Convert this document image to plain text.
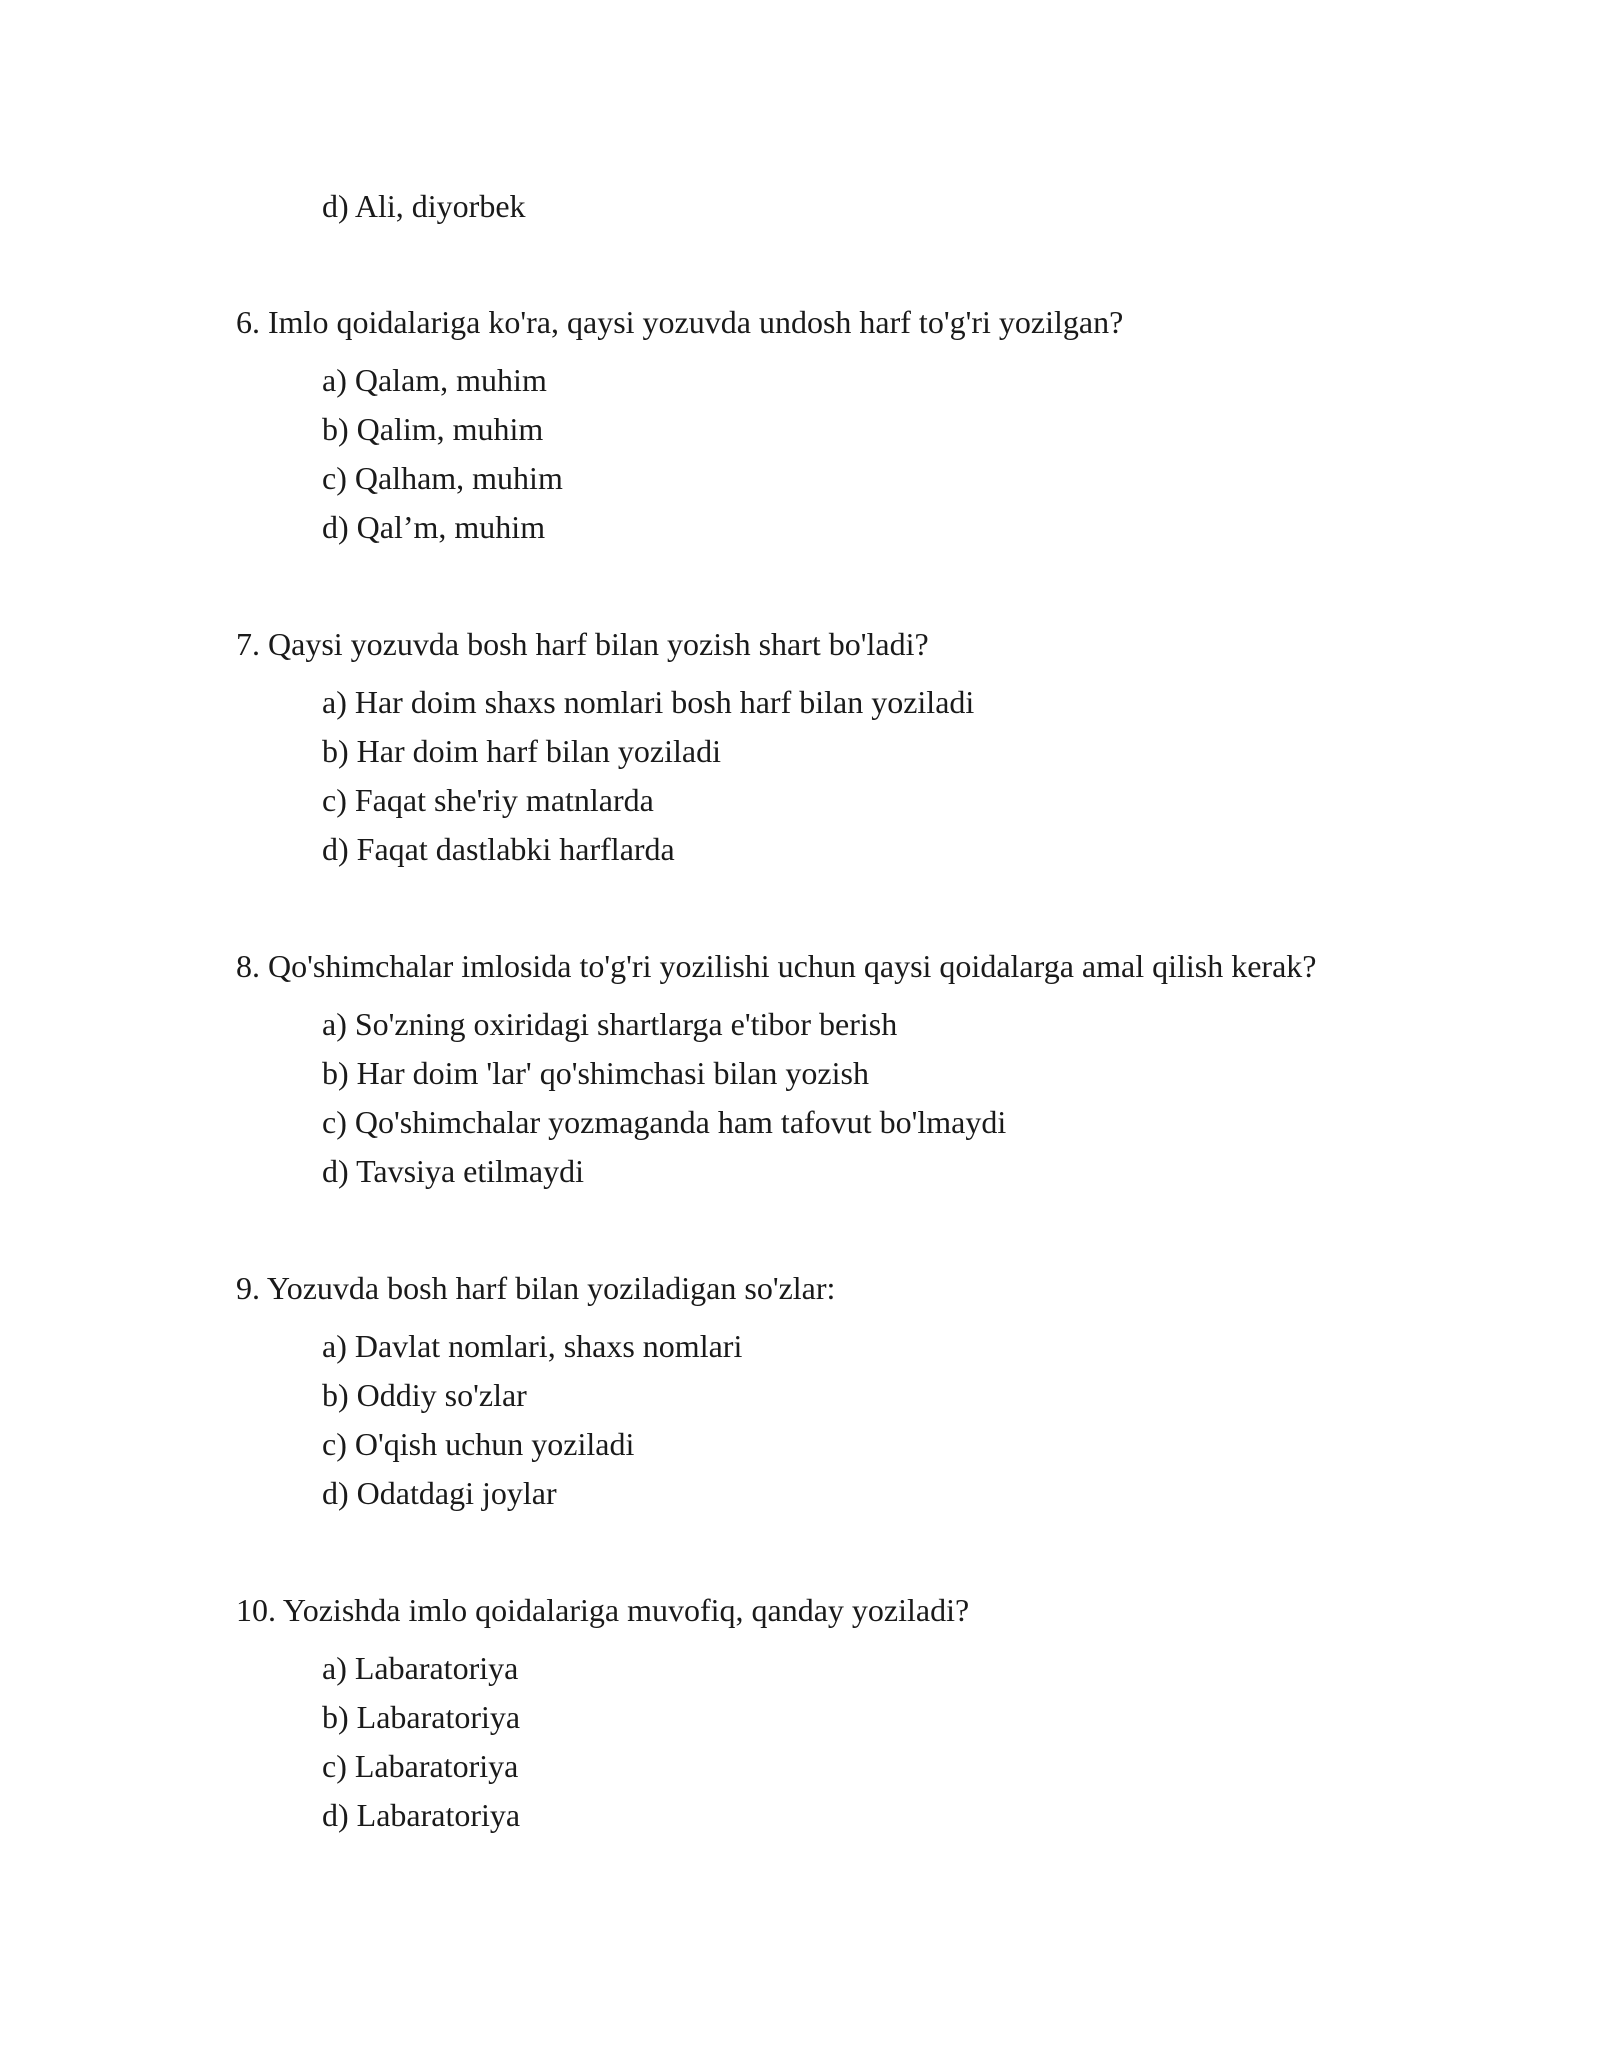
d) Ali, diyorbek
6. Imlo qoidalariga ko'ra, qaysi yozuvda undosh harf to'g'ri yozilgan?
a) Qalam, muhim
b) Qalim, muhim
c) Qalham, muhim
d) Qal’m, muhim
7. Qaysi yozuvda bosh harf bilan yozish shart bo'ladi?
a) Har doim shaxs nomlari bosh harf bilan yoziladi
b) Har doim harf bilan yoziladi
c) Faqat she'riy matnlarda
d) Faqat dastlabki harflarda
8. Qo'shimchalar imlosida to'g'ri yozilishi uchun qaysi qoidalarga amal qilish kerak?
a) So'zning oxiridagi shartlarga e'tibor berish
b) Har doim 'lar' qo'shimchasi bilan yozish
c) Qo'shimchalar yozmaganda ham tafovut bo'lmaydi
d) Tavsiya etilmaydi
9. Yozuvda bosh harf bilan yoziladigan so'zlar:
a) Davlat nomlari, shaxs nomlari
b) Oddiy so'zlar
c) O'qish uchun yoziladi
d) Odatdagi joylar
10. Yozishda imlo qoidalariga muvofiq, qanday yoziladi?
a) Labaratoriya
b) Labaratoriya
c) Labaratoriya
d) Labaratoriya
